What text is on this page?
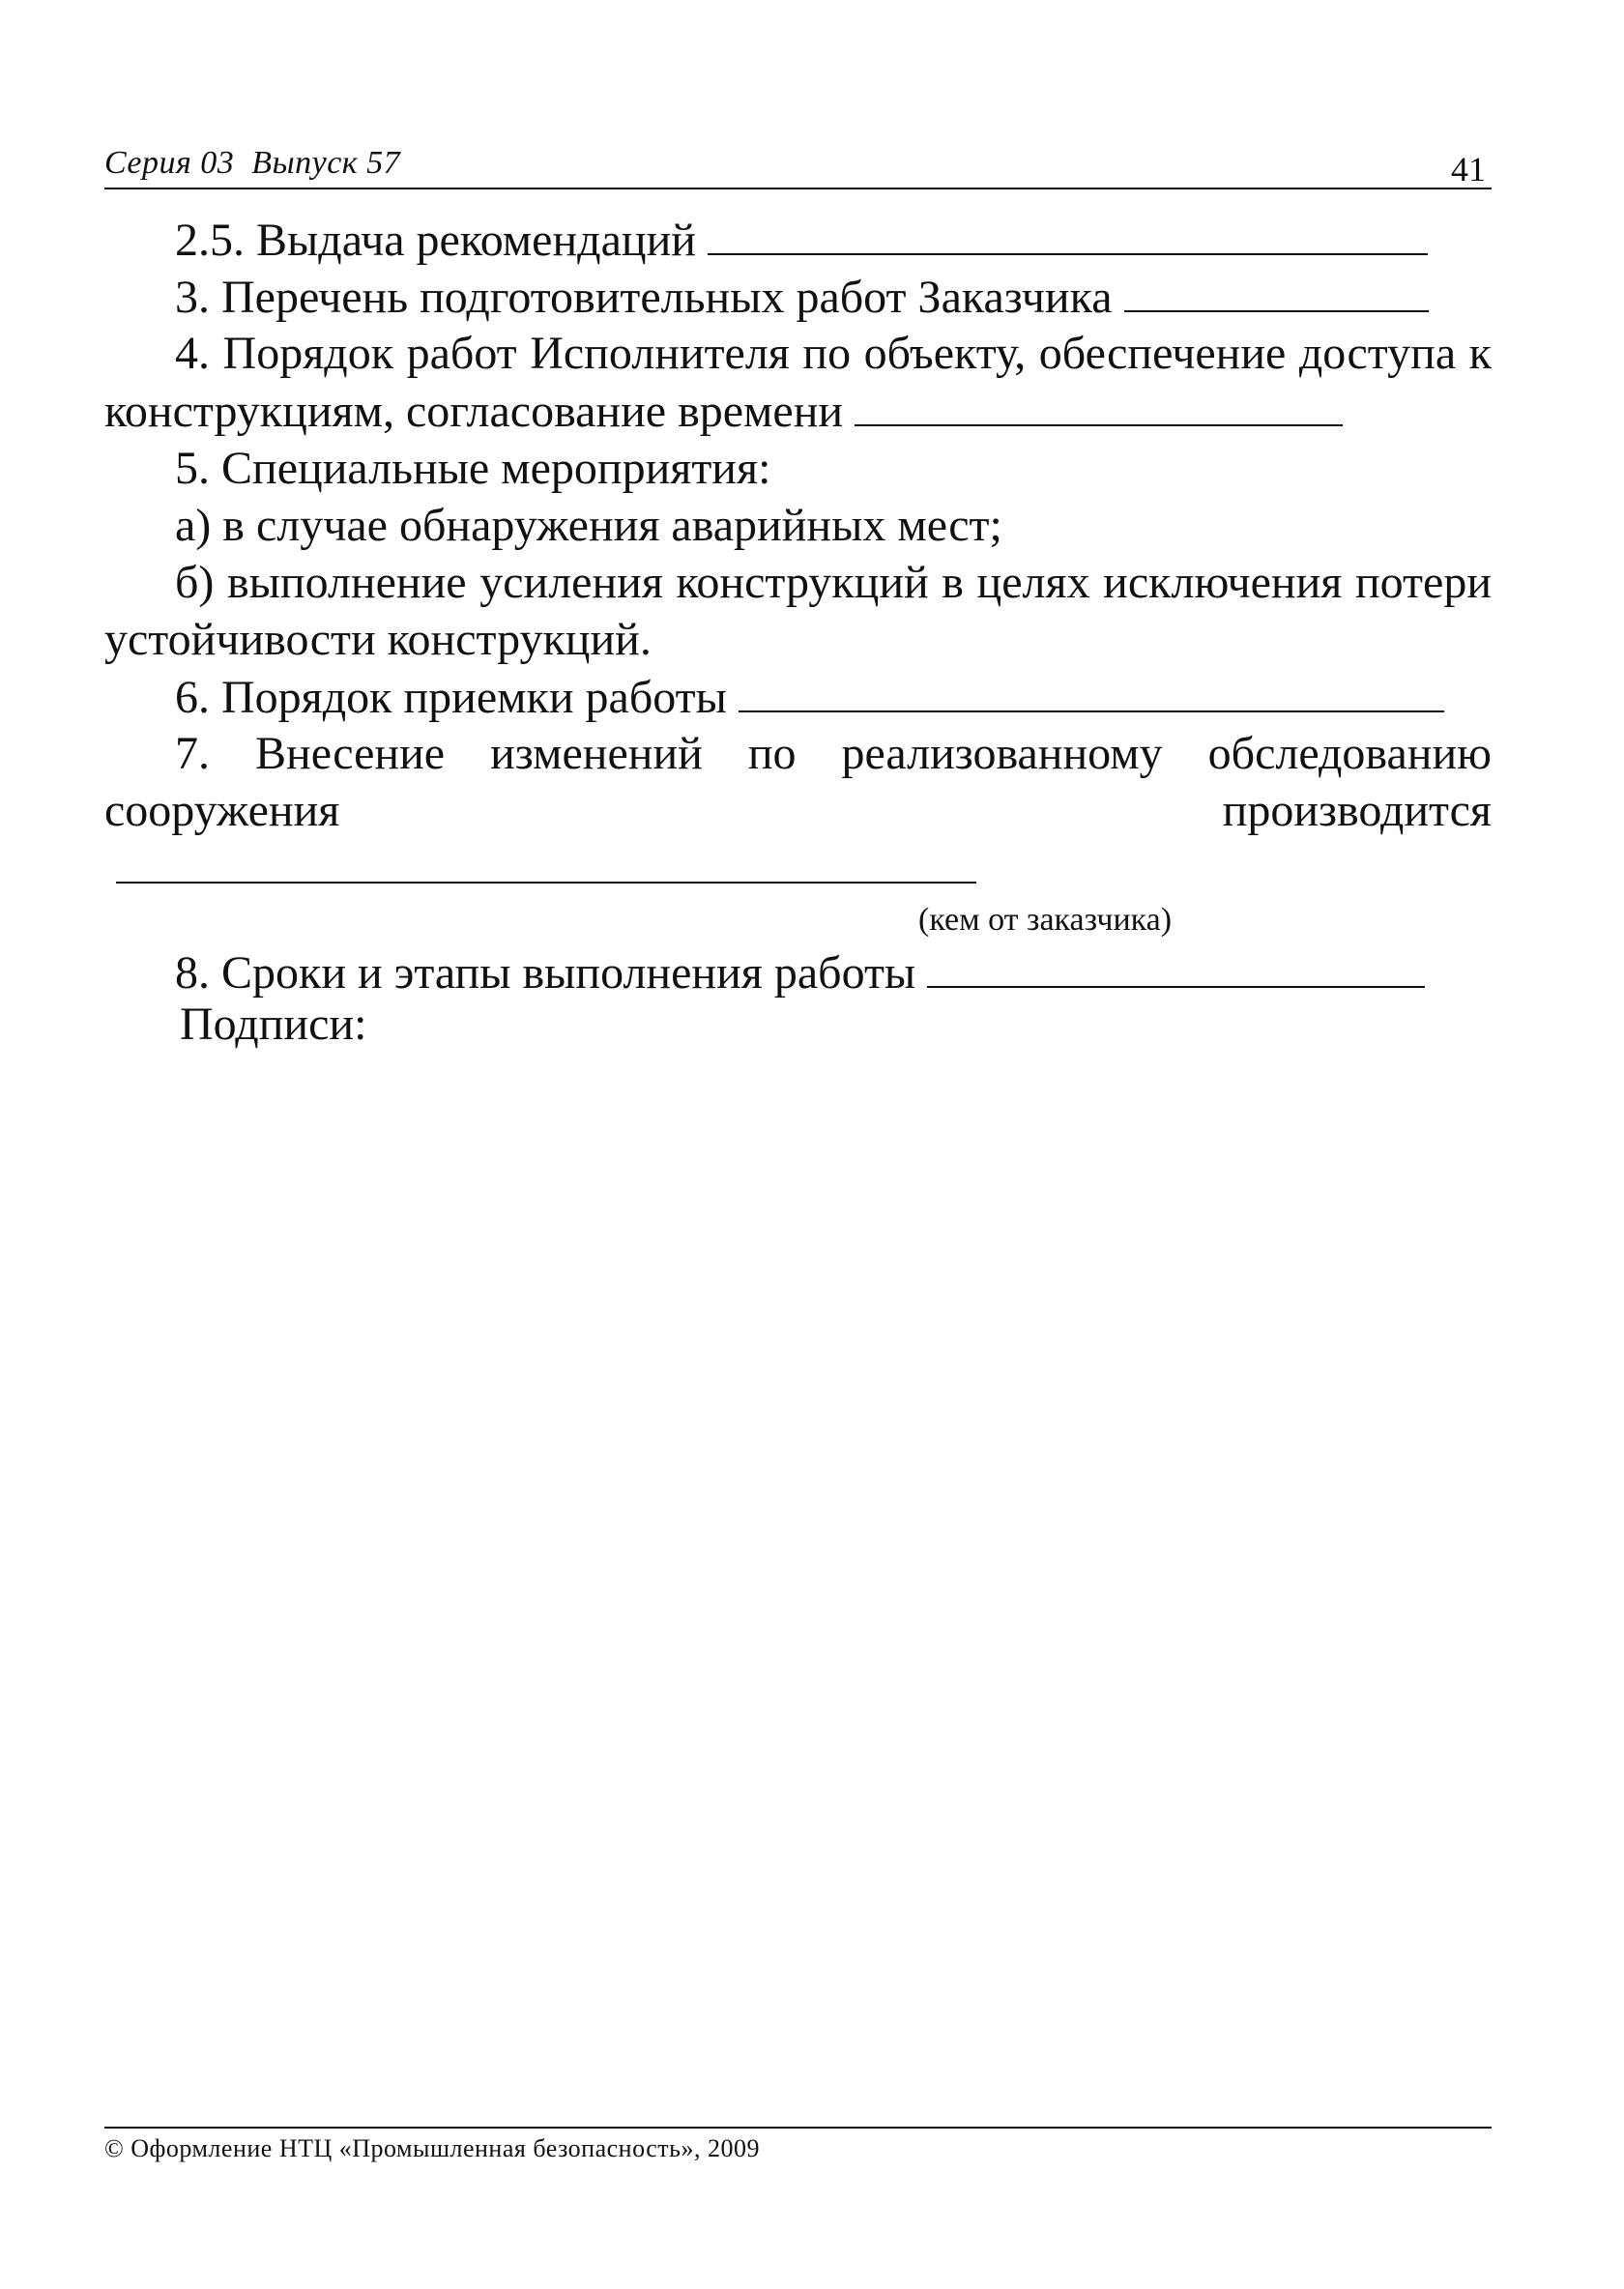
Серия 03  Выпуск 57	41
2.5. Выдача рекомендаций
3. Перечень подготовительных работ Заказчика
4. Порядок работ Исполнителя по объекту, обеспечение доступа к конструкциям, согласование времени
5. Специальные мероприятия:
а) в случае обнаружения аварийных мест;
б) выполнение усиления конструкций в целях исключения потери устойчивости конструкций.
6. Порядок приемки работы
7. Внесение изменений по реализованному обследованию сооружения производится
(кем от заказчика)
8. Сроки и этапы выполнения работы
Подписи:
© Оформление НТЦ «Промышленная безопасность», 2009
